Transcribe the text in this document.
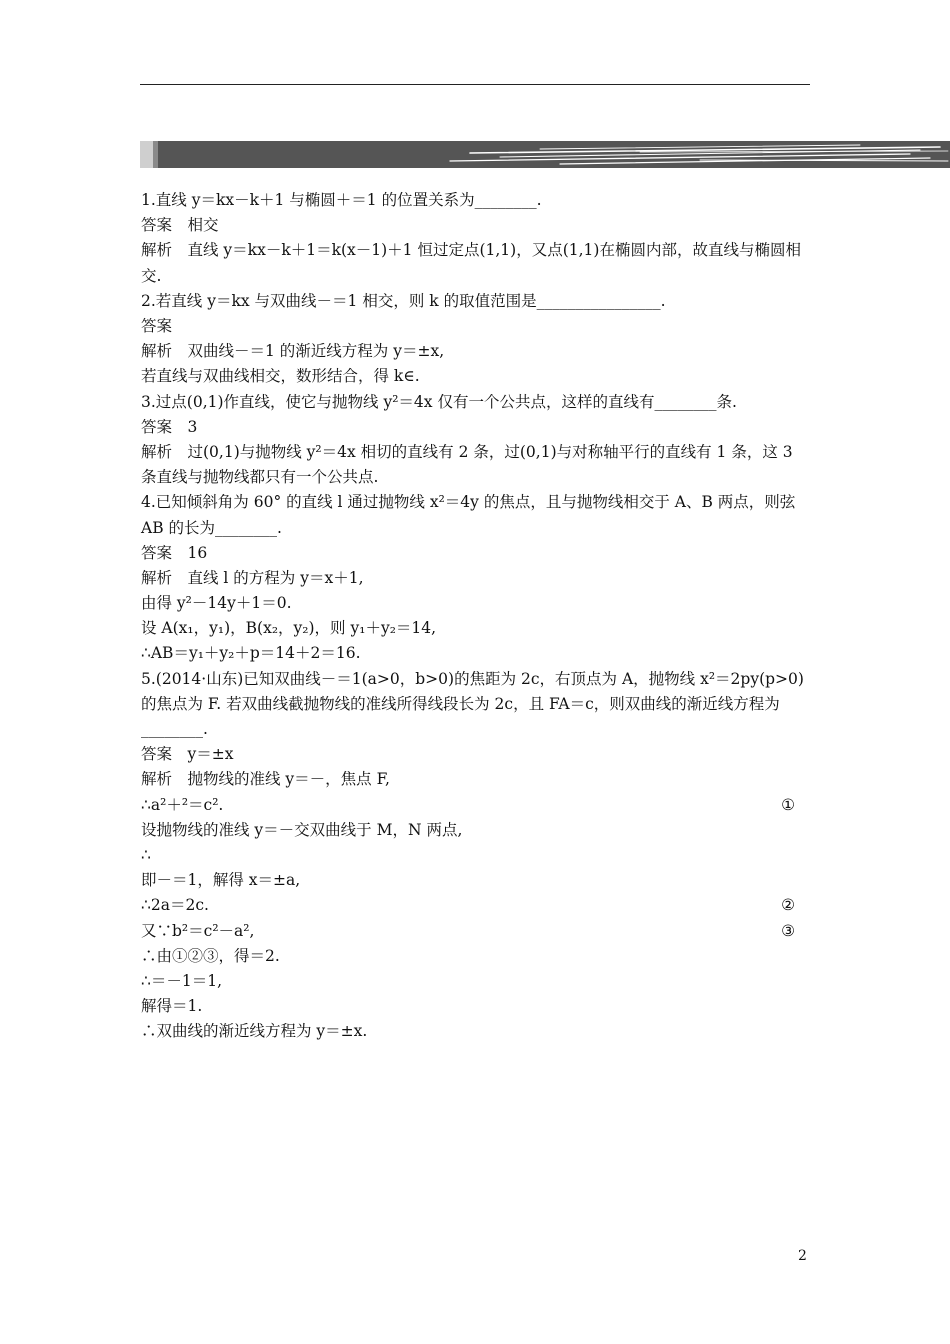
1.直线 y＝kx－k＋1 与椭圆＋＝1 的位置关系为________.
答案　相交
解析　直线 y＝kx－k＋1＝k(x－1)＋1 恒过定点(1,1)，又点(1,1)在椭圆内部，故直线与椭圆相交.
2.若直线 y＝kx 与双曲线－＝1 相交，则 k 的取值范围是________________.
答案
解析　双曲线－＝1 的渐近线方程为 y＝±x,
若直线与双曲线相交，数形结合，得 k∈.
3.过点(0,1)作直线，使它与抛物线 y²＝4x 仅有一个公共点，这样的直线有________条.
答案　3
解析　过(0,1)与抛物线 y²＝4x 相切的直线有 2 条，过(0,1)与对称轴平行的直线有 1 条，这 3 条直线与抛物线都只有一个公共点.
4.已知倾斜角为 60° 的直线 l 通过抛物线 x²＝4y 的焦点，且与抛物线相交于 A、B 两点，则弦 AB 的长为________.
答案　16
解析　直线 l 的方程为 y＝x＋1,
由得 y²－14y＋1＝0.
设 A(x₁，y₁)，B(x₂，y₂)，则 y₁＋y₂＝14,
∴AB＝y₁＋y₂＋p＝14＋2＝16.
5.(2014·山东)已知双曲线－＝1(a>0，b>0)的焦距为 2c，右顶点为 A，抛物线 x²＝2py(p>0)的焦点为 F. 若双曲线截抛物线的准线所得线段长为 2c，且 FA＝c，则双曲线的渐近线方程为________.
答案　y＝±x
解析　抛物线的准线 y＝－，焦点 F,
∴a²＋²＝c².	①
设抛物线的准线 y＝－交双曲线于 M，N 两点,
∴
即－＝1，解得 x＝±a,
∴2a＝2c.	②
又∵b²＝c²－a²,	③
∴由①②③，得＝2.
∴＝－1＝1,
解得＝1.
∴双曲线的渐近线方程为 y＝±x.
2
